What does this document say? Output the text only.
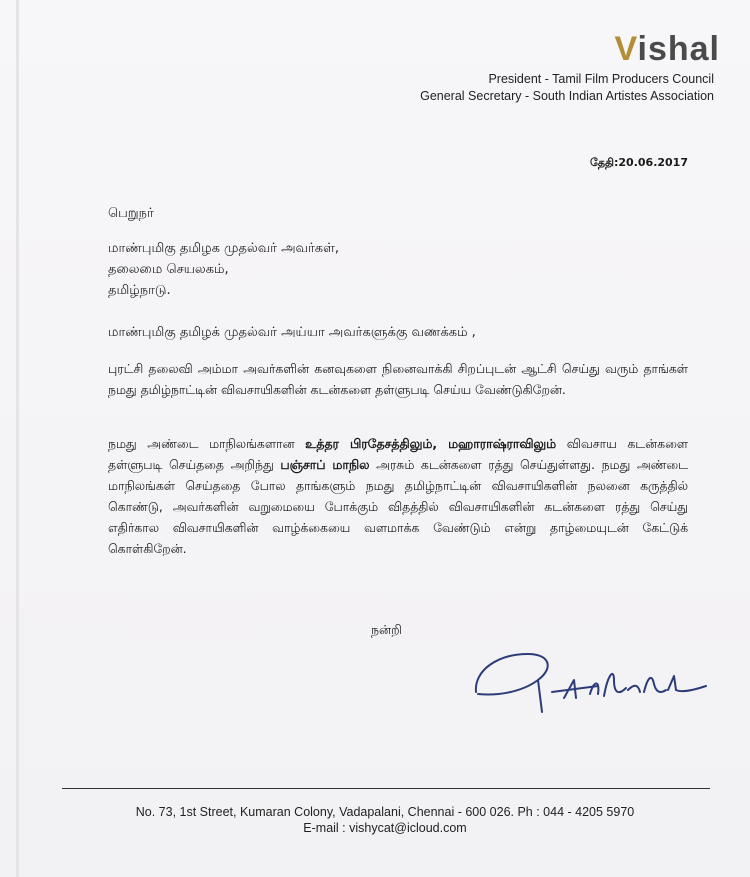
Vishal
President - Tamil Film Producers Council
General Secretary - South Indian Artistes Association
தேதி:20.06.2017
பெறுநர்
மாண்புமிகு தமிழக முதல்வர் அவர்கள்,
தலைமை செயலகம்,
தமிழ்நாடு.
மாண்புமிகு தமிழக் முதல்வர் அய்யா அவர்களுக்கு வணக்கம் ,
புரட்சி தலைவி அம்மா அவர்களின் கனவுகளை நினைவாக்கி சிறப்புடன் ஆட்சி செய்து வரும் தாங்கள் நமது தமிழ்நாட்டின் விவசாயிகளின் கடன்களை தள்ளுபடி செய்ய வேண்டுகிறேன்.
நமது அண்டை மாநிலங்களான உத்தர பிரதேசத்திலும், மஹாராஷ்ராவிலும் விவசாய கடன்களை தள்ளுபடி செய்ததை அறிந்து பஞ்சாப் மாநில அரசும் கடன்களை ரத்து செய்துள்ளது. நமது அண்டை மாநிலங்கள் செய்ததை போல தாங்களும் நமது தமிழ்நாட்டின் விவசாயிகளின் நலனை கருத்தில் கொண்டு, அவர்களின் வறுமையை போக்கும் விதத்தில் விவசாயிகளின் கடன்களை ரத்து செய்து எதிர்கால விவசாயிகளின் வாழ்க்கையை வளமாக்க வேண்டும் என்று தாழ்மையுடன் கேட்டுக் கொள்கிறேன்.
நன்றி
No. 73, 1st Street, Kumaran Colony, Vadapalani, Chennai - 600 026. Ph : 044 - 4205 5970
E-mail : vishycat@icloud.com
